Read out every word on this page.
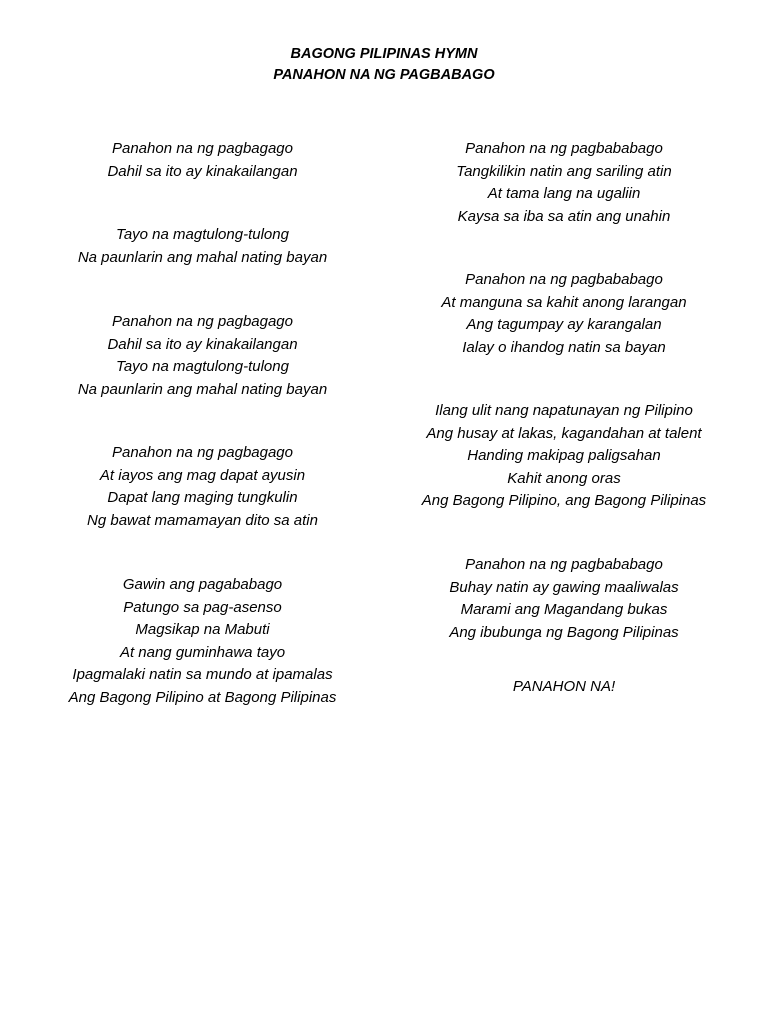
BAGONG PILIPINAS HYMN
PANAHON NA NG PAGBABAGO
Panahon na ng pagbagago
Dahil sa ito ay kinakailangan
Tayo na magtulong-tulong
Na paunlarin ang mahal nating bayan
Panahon na ng pagbagago
Dahil sa ito ay kinakailangan
Tayo na magtulong-tulong
Na paunlarin ang mahal nating bayan
Panahon na ng pagbagago
At iayos ang mag dapat ayusin
Dapat lang maging tungkulin
Ng bawat mamamayan dito sa atin
Gawin ang pagababago
Patungo sa pag-asenso
Magsikap na Mabuti
At nang guminhawa tayo
Ipagmalaki natin sa mundo at ipamalas
Ang Bagong Pilipino at Bagong Pilipinas
Panahon na ng pagbababago
Tangkilikin natin ang sariling atin
At tama lang na ugaliin
Kaysa sa iba sa atin ang unahin
Panahon na ng pagbababago
At manguna sa kahit anong larangan
Ang tagumpay ay karangalan
Ialay o ihandog natin sa bayan
Ilang ulit nang napatunayan ng Pilipino
Ang husay at lakas, kagandahan at talent
Handing makipag paligsahan
Kahit anong oras
Ang Bagong Pilipino, ang Bagong Pilipinas
Panahon na ng pagbababago
Buhay natin ay gawing maaliwalas
Marami ang Magandang bukas
Ang ibubunga ng Bagong Pilipinas
PANAHON NA!
